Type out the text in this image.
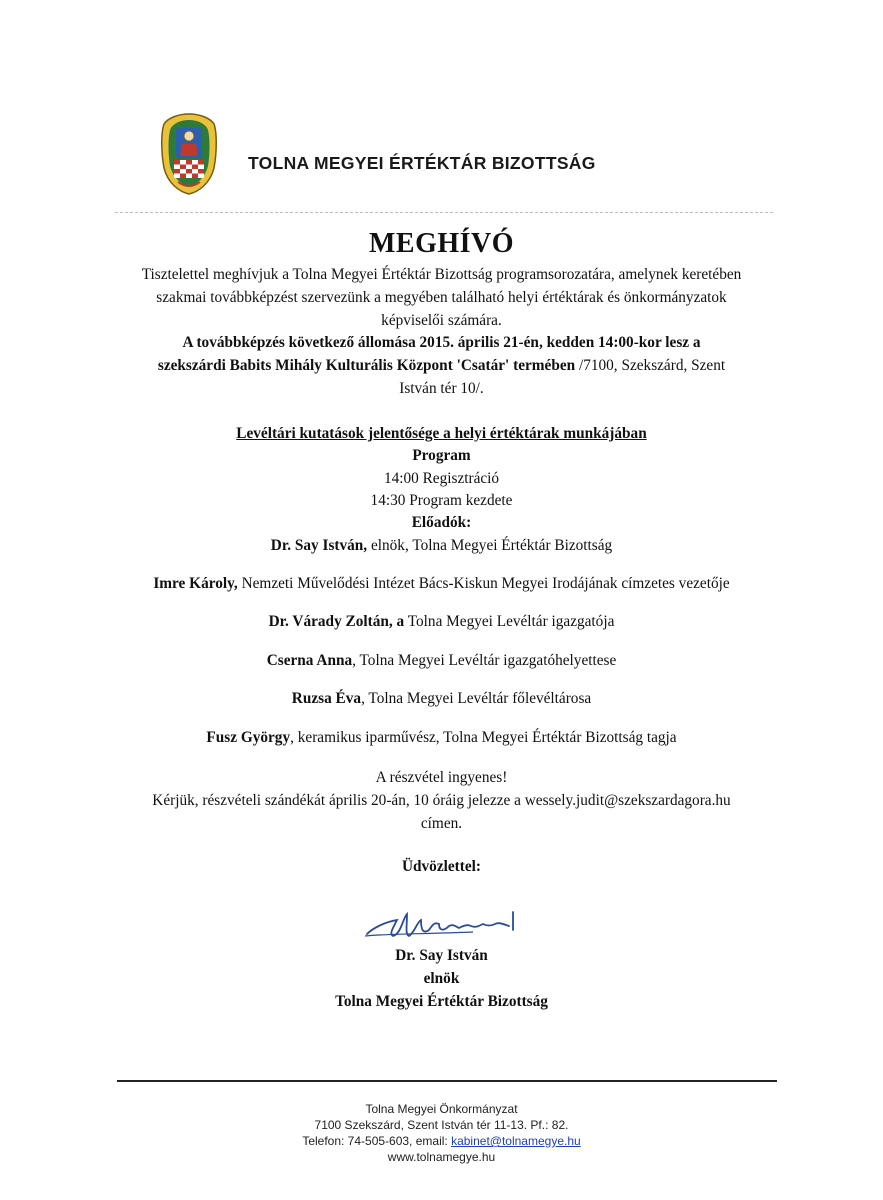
TOLNA MEGYEI ÉRTÉKTÁR BIZOTTSÁG
MEGHÍVÓ
Tisztelettel meghívjuk a Tolna Megyei Értéktár Bizottság programsorozatára, amelynek keretében
szakmai továbbképzést szervezünk a megyében található helyi értéktárak és önkormányzatok
képviselői számára.
A továbbképzés következő állomása 2015. április 21-én, kedden 14:00-kor lesz a
szekszárdi Babits Mihály Kulturális Központ 'Csatár' termében /7100, Szekszárd, Szent
István tér 10/.
Levéltári kutatások jelentősége a helyi értéktárak munkájában
Program
14:00 Regisztráció
14:30 Program kezdete
Előadók:
Dr. Say István, elnök, Tolna Megyei Értéktár Bizottság
Imre Károly, Nemzeti Művelődési Intézet Bács-Kiskun Megyei Irodájának címzetes vezetője
Dr. Várady Zoltán, a Tolna Megyei Levéltár igazgatója
Cserna Anna, Tolna Megyei Levéltár igazgatóhelyettese
Ruzsa Éva, Tolna Megyei Levéltár főlevéltárosa
Fusz György, keramikus iparművész, Tolna Megyei Értéktár Bizottság tagja
A részvétel ingyenes!
Kérjük, részvételi szándékát április 20-án, 10 óráig jelezze a wessely.judit@szekszardagora.hu
címen.
Üdvözlettel:
Dr. Say István
elnök
Tolna Megyei Értéktár Bizottság
Tolna Megyei Önkormányzat
7100 Szekszárd, Szent István tér 11-13. Pf.: 82.
Telefon: 74-505-603, email: kabinet@tolnamegye.hu
www.tolnamegye.hu
